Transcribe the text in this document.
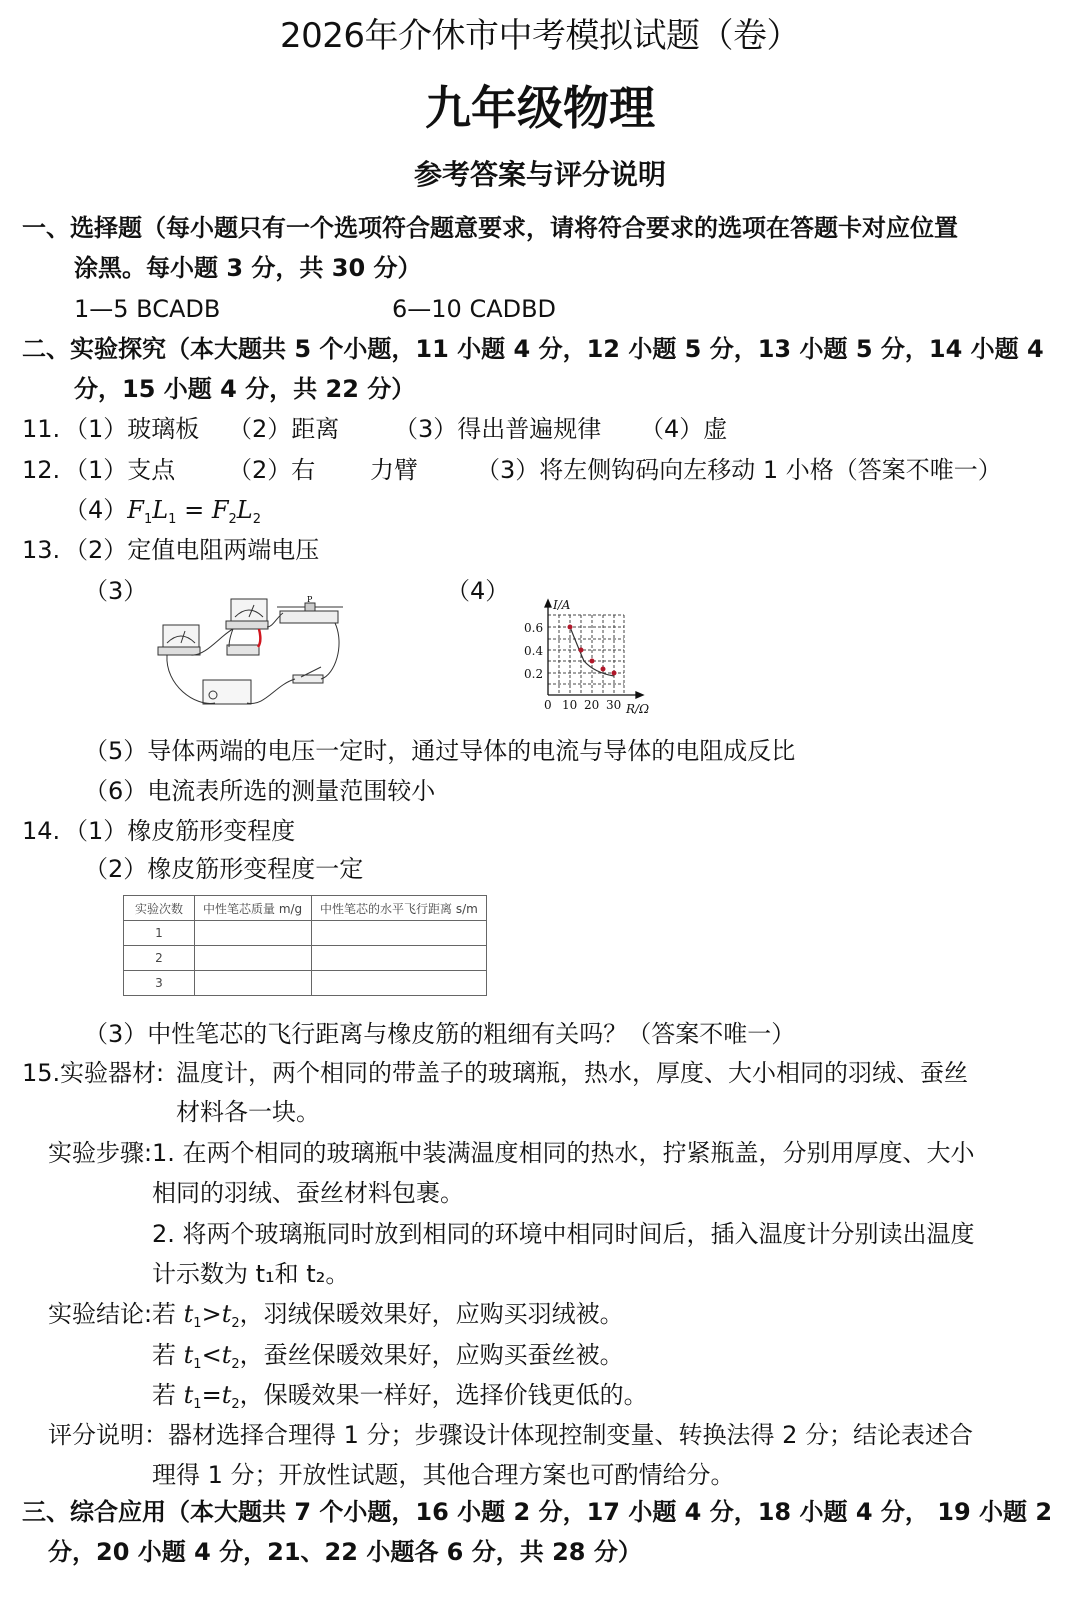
2026年介休市中考模拟试题（卷）
九年级物理
参考答案与评分说明
一、选择题（每小题只有一个选项符合题意要求，请将符合要求的选项在答题卡对应位置
涂黑。每小题 3 分，共 30 分）
1—5 BCADB	6—10 CADBD
二、实验探究（本大题共 5 个小题，11 小题 4 分，12 小题 5 分，13 小题 5 分，14 小题 4
分，15 小题 4 分，共 22 分）
11. （1）玻璃板 （2）距离 （3）得出普遍规律 （4）虚
12. （1）支点 （2）右 力臂 （3）将左侧钩码向左移动 1 小格（答案不唯一）
$(4)F_1L_1 = F_2L_2$
13. （2）定值电阻两端电压
（3）	（4）
P	I/A
0.6
0.4
0.2
0 10 20 30 R/Ω
（5）导体两端的电压一定时，通过导体的电流与导体的电阻成反比
（6）电流表所选的测量范围较小
14. （1）橡皮筋形变程度
（2）橡皮筋形变程度一定
实验次数	中性笔芯质量 m/g	中性笔芯的水平飞行距离 s/m
1		
2		
3		
（3）中性笔芯的飞行距离与橡皮筋的粗细有关吗？（答案不唯一）
15. 实验器材: 温度计，两个相同的带盖子的玻璃瓶，热水，厚度、大小相同的羽绒、蚕丝
材料各一块。
实验步骤: 1. 在两个相同的玻璃瓶中装满温度相同的热水，拧紧瓶盖，分别用厚度、大小
相同的羽绒、蚕丝材料包裹。
2. 将两个玻璃瓶同时放到相同的环境中相同时间后，插入温度计分别读出温度
计示数为 t₁和 t₂。
实验结论: 若 $t_1>t_2$，羽绒保暖效果好，应购买羽绒被。
若 $t_1<t_2$，蚕丝保暖效果好，应购买蚕丝被。
若 $t_1=t_2$，保暖效果一样好，选择价钱更低的。
评分说明：器材选择合理得 1 分；步骤设计体现控制变量、转换法得 2 分；结论表述合
理得 1 分；开放性试题，其他合理方案也可酌情给分。
三、综合应用（本大题共 7 个小题，16 小题 2 分，17 小题 4 分，18 小题 4 分， 19 小题 2
分，20 小题 4 分，21、22 小题各 6 分，共 28 分）
